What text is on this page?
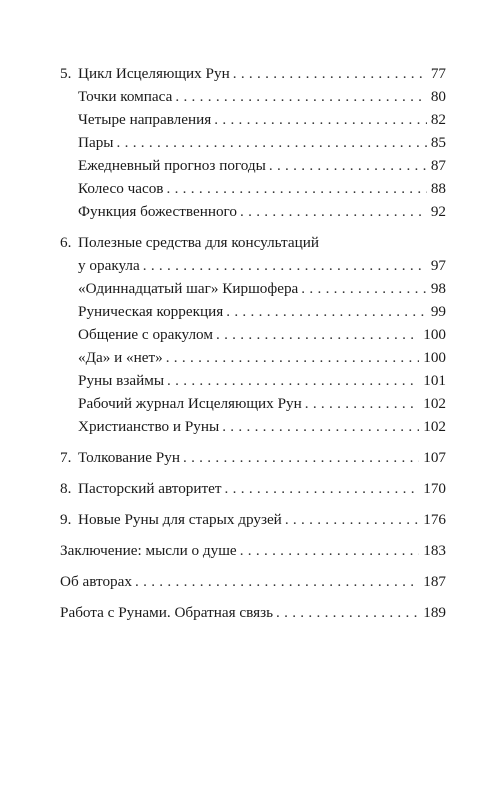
5. Цикл Исцеляющих Рун . . .	77
Точки компаса . . .	80
Четыре направления . . .	82
Пары . . .	85
Ежедневный прогноз погоды . . .	87
Колесо часов . . .	88
Функция божественного . . .	92
6. Полезные средства для консультаций
у оракула . . .	97
«Одиннадцатый шаг» Киршофера . . .	98
Руническая коррекция . . .	99
Общение с оракулом . . .	100
«Да» и «нет» . . .	100
Руны взаймы . . .	101
Рабочий журнал Исцеляющих Рун . . .	102
Христианство и Руны . . .	102
7. Толкование Рун . . .	107
8. Пасторский авторитет . . .	170
9. Новые Руны для старых друзей . . .	176
Заключение: мысли о душе . . .	183
Об авторах . . .	187
Работа с Рунами. Обратная связь . . .	189
